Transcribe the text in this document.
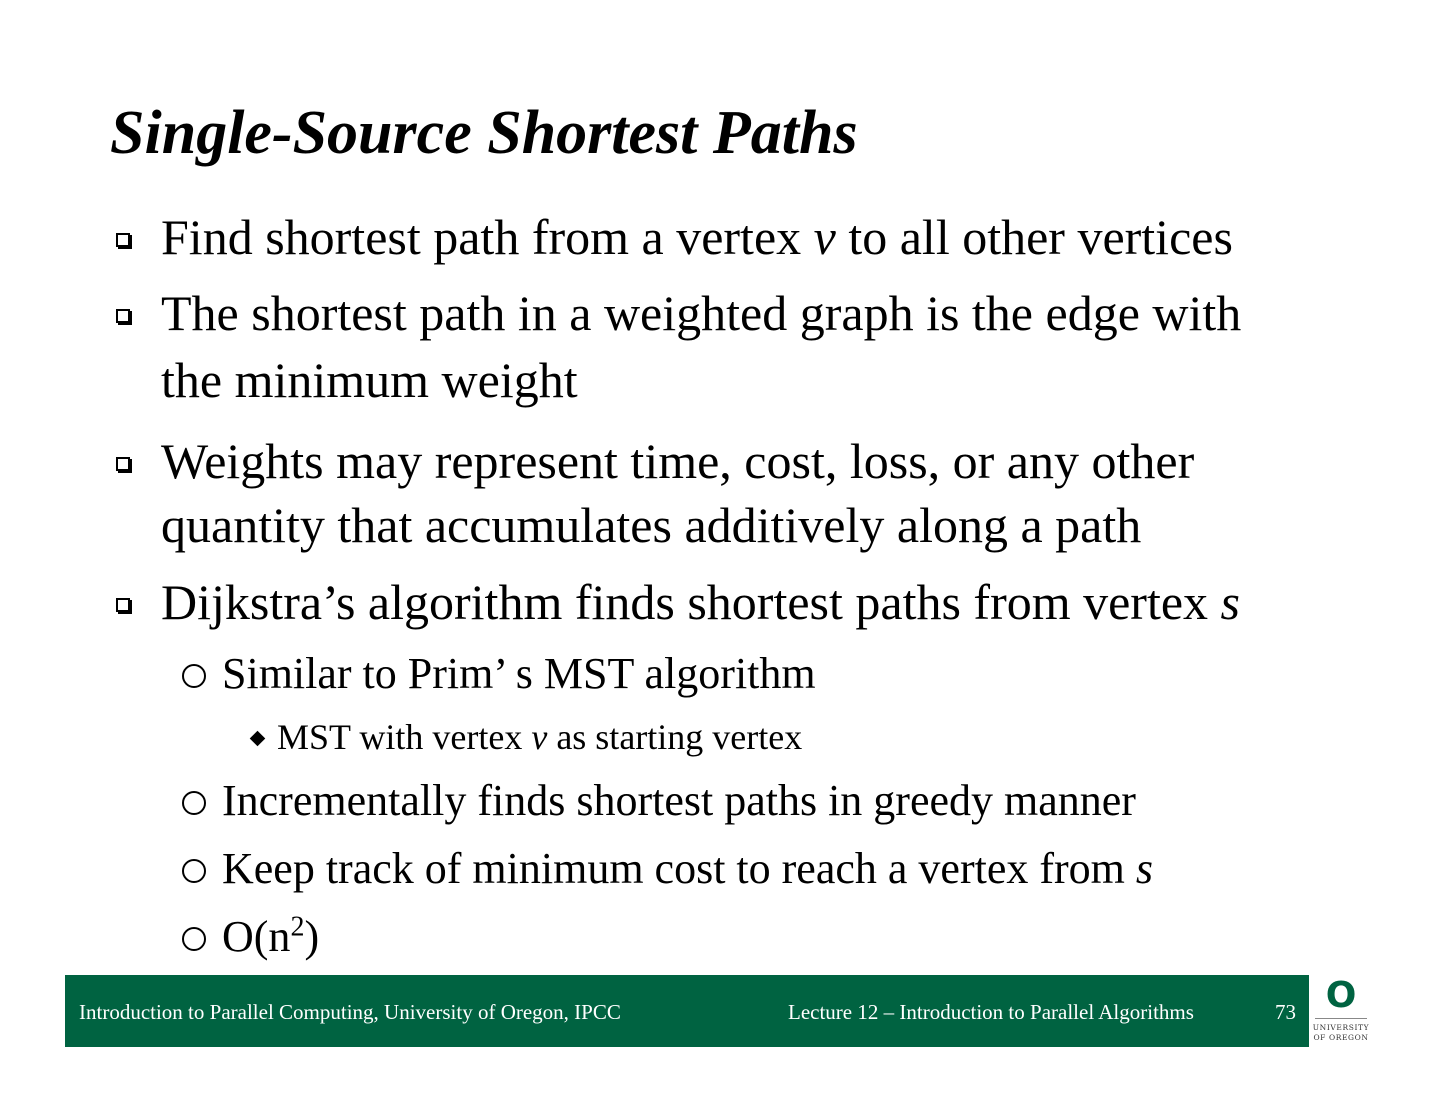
Single-Source Shortest Paths
Find shortest path from a vertex v to all other vertices
The shortest path in a weighted graph is the edge with
the minimum weight
Weights may represent time, cost, loss, or any other
quantity that accumulates additively along a path
Dijkstra’s algorithm finds shortest paths from vertex s
Similar to Prim’ s MST algorithm
MST with vertex v as starting vertex
Incrementally finds shortest paths in greedy manner
Keep track of minimum cost to reach a vertex from s
$O(n^2)$
Introduction to Parallel Computing, University of Oregon, IPCC	Lecture 12 – Introduction to Parallel Algorithms	73 O
UNIVERSITY
OF OREGON
